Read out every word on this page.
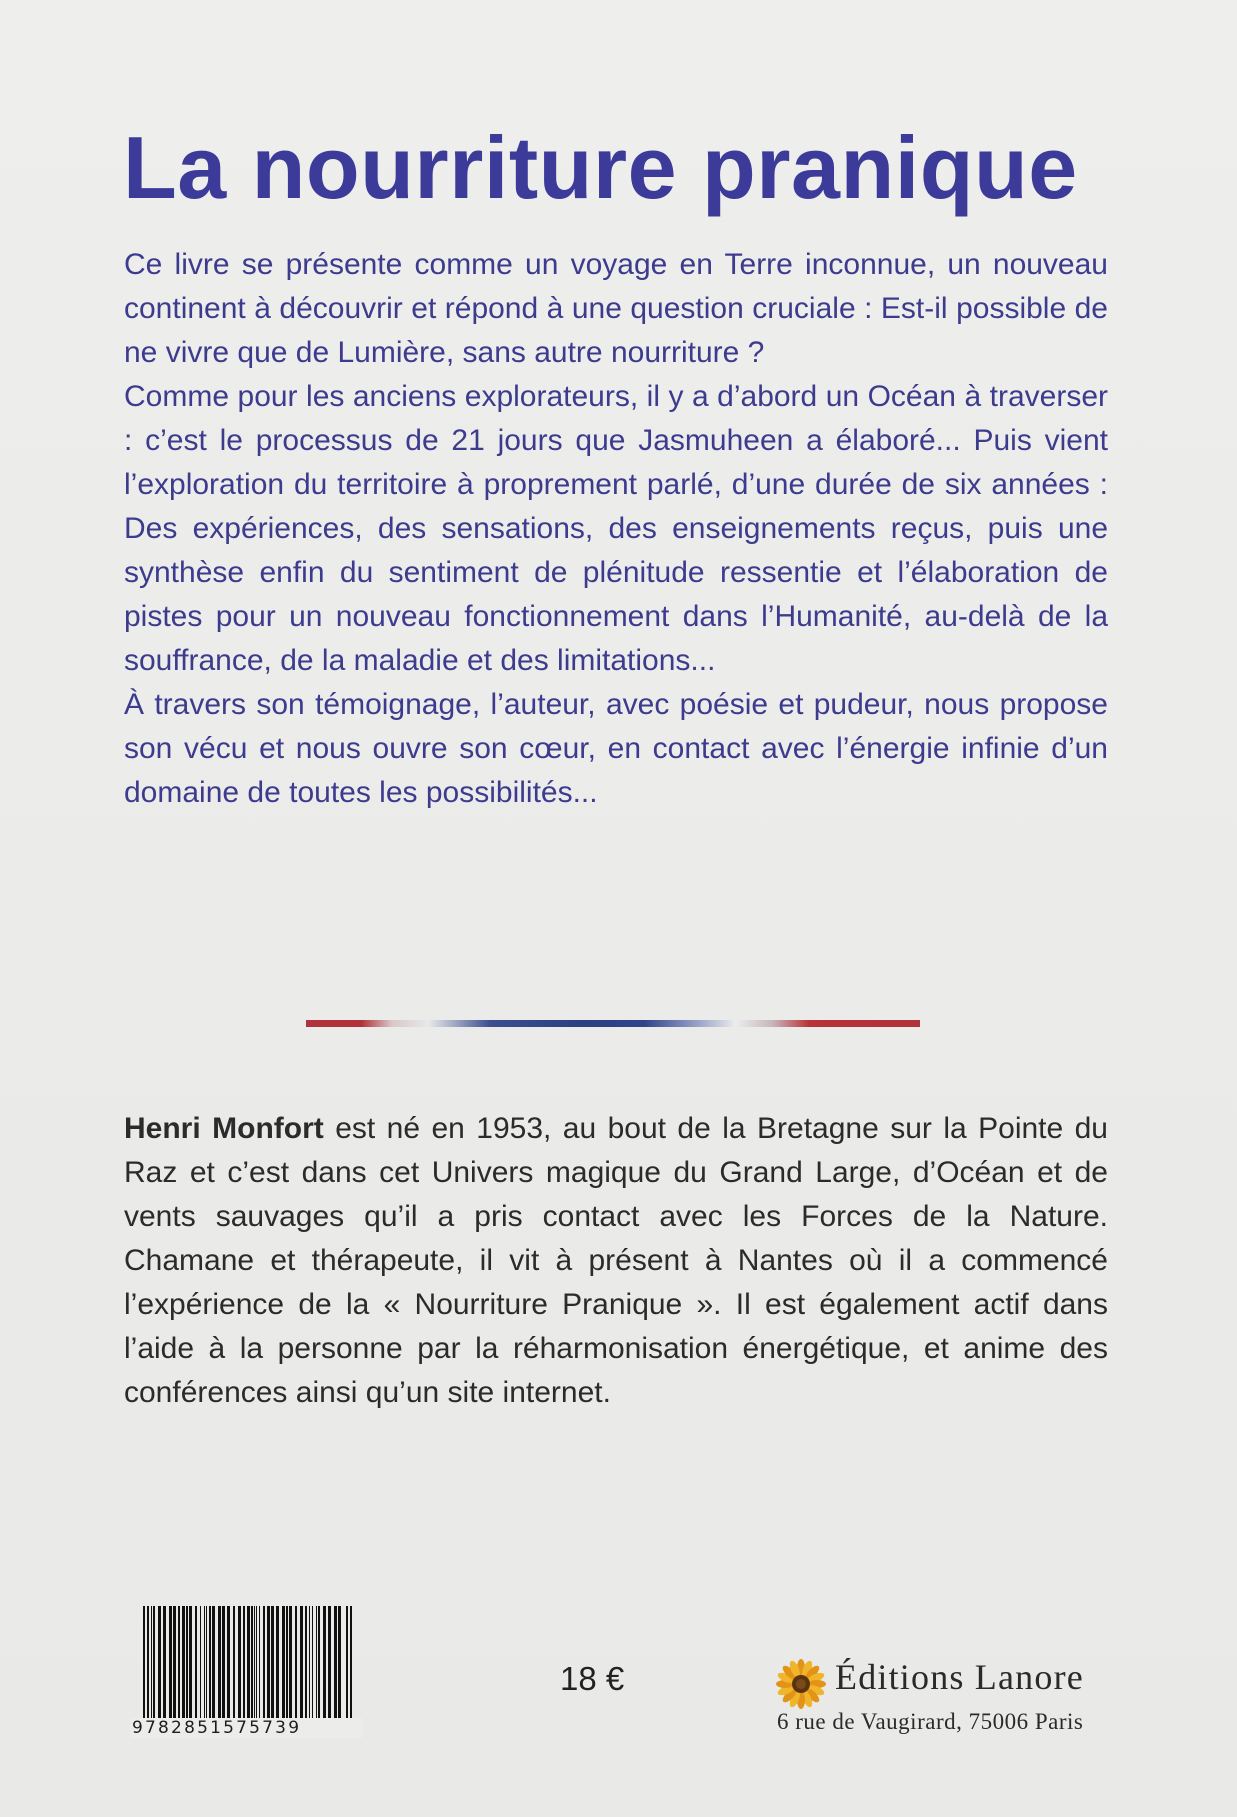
La nourriture pranique

Ce livre se présente comme un voyage en Terre inconnue, un nouveau continent à découvrir et répond à une question cruciale : Est-il possible de ne vivre que de Lumière, sans autre nourriture ?

Comme pour les anciens explorateurs, il y a d’abord un Océan à traverser : c’est le processus de 21 jours que Jasmuheen a élaboré... Puis vient l’exploration du territoire à proprement parlé, d’une durée de six années : Des expériences, des sensations, des enseignements reçus, puis une synthèse enfin du sentiment de plénitude ressentie et l’élaboration de pistes pour un nouveau fonctionnement dans l’Humanité, au-delà de la souffrance, de la maladie et des limitations...

À travers son témoignage, l’auteur, avec poésie et pudeur, nous propose son vécu et nous ouvre son cœur, en contact avec l’énergie infinie d’un domaine de toutes les possibilités...

Henri Monfort est né en 1953, au bout de la Bretagne sur la Pointe du Raz et c’est dans cet Univers magique du Grand Large, d’Océan et de vents sauvages qu’il a pris contact avec les Forces de la Nature. Chamane et thérapeute, il vit à présent à Nantes où il a commencé l’expérience de la « Nourriture Pranique ». Il est également actif dans l’aide à la personne par la réharmonisation énergétique, et anime des conférences ainsi qu’un site internet.

9782851575739
18 €	Éditions Lanore
6 rue de Vaugirard, 75006 Paris
